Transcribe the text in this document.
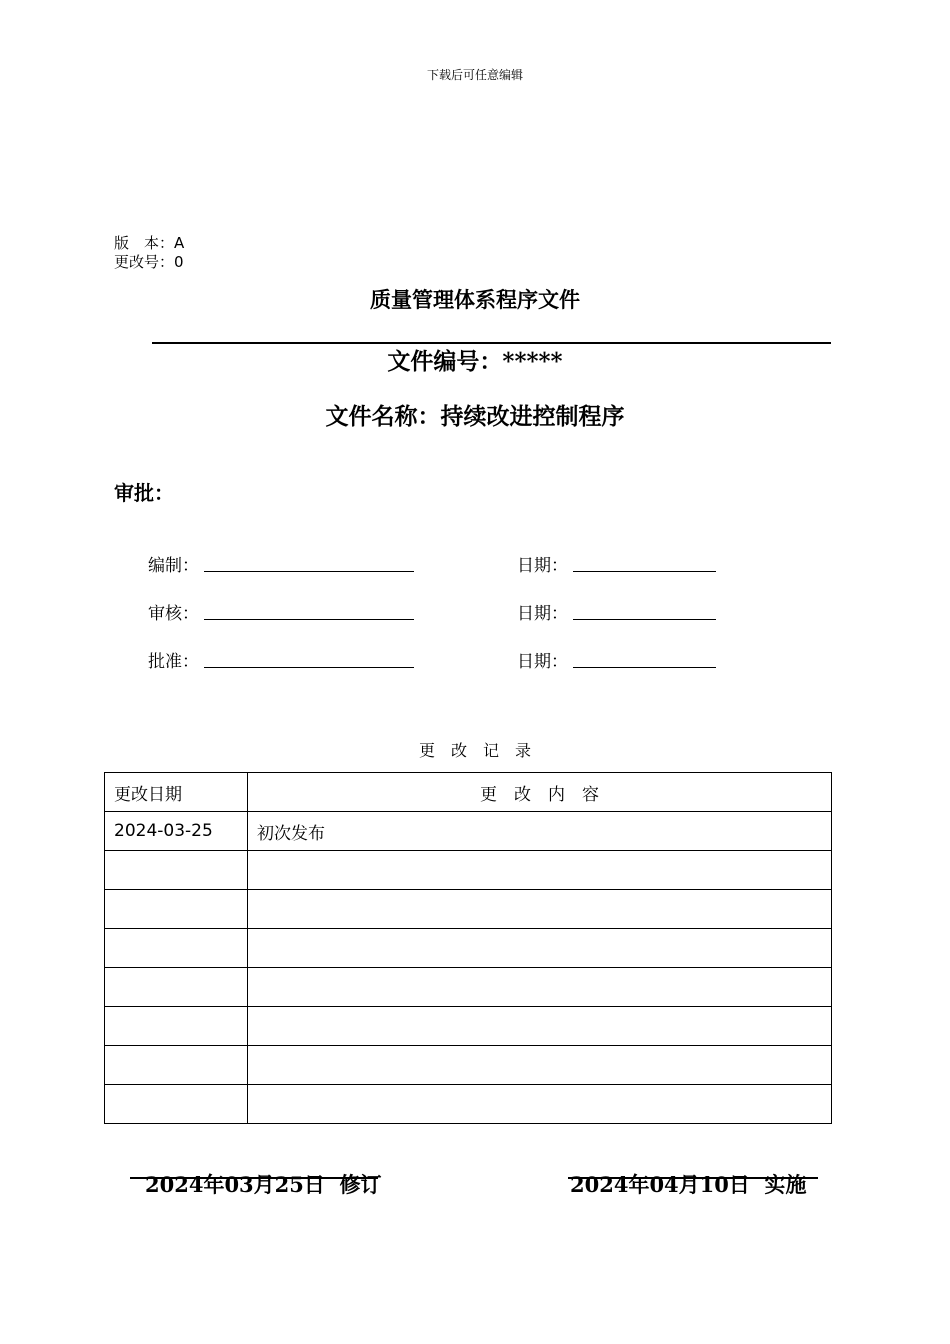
下载后可任意编辑
版　本：A
更改号：0
质量管理体系程序文件
文件编号：*****
文件名称：持续改进控制程序
审批：
编制：	日期：
审核：	日期：
批准：	日期：
更　改　记　录
更改日期	更　改　内　容
2024-03-25	初次发布

2024年03月25日  修订	2024年04月10日  实施
